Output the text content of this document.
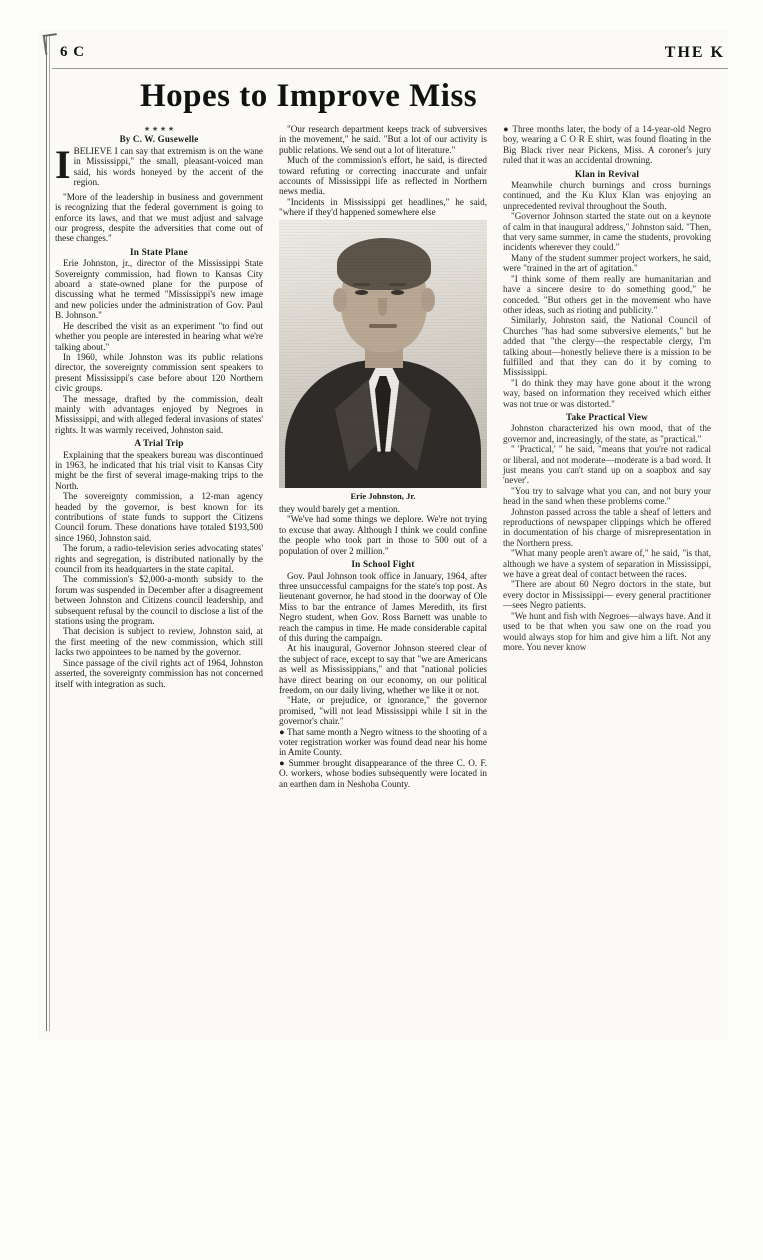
6 C	THE K
Hopes to Improve Miss
★ ★ ★ ★
By C. W. Gusewelle

IBELIEVE I can say that extremism is on the wane in Mississippi," the small, pleasant-voiced man said, his words honeyed by the accent of the region.

"More of the leadership in business and government is recognizing that the federal government is going to enforce its laws, and that we must adjust and salvage our progress, despite the adversities that come out of these changes."

In State Plane

Erie Johnston, jr., director of the Mississippi State Sovereignty commission, had flown to Kansas City aboard a state-owned plane for the purpose of discussing what he termed "Mississippi's new image and new policies under the administration of Gov. Paul B. Johnson."

He described the visit as an experiment "to find out whether you people are interested in hearing what we're talking about."

In 1960, while Johnston was its public relations director, the sovereignty commission sent speakers to present Mississippi's case before about 120 Northern civic groups.

The message, drafted by the commission, dealt mainly with advantages enjoyed by Negroes in Mississippi, and with alleged federal invasions of states' rights. It was warmly received, Johnston said.

A Trial Trip

Explaining that the speakers bureau was discontinued in 1963, he indicated that his trial visit to Kansas City might be the first of several image-making trips to the North.

The sovereignty commission, a 12-man agency headed by the governor, is best known for its contributions of state funds to support the Citizens Council forum. These donations have totaled $193,500 since 1960, Johnston said.

The forum, a radio-television series advocating states' rights and segregation, is distributed nationally by the council from its headquarters in the state capital.

The commission's $2,000-a-month subsidy to the forum was suspended in December after a disagreement between Johnston and Citizens council leadership, and subsequent refusal by the council to disclose a list of the stations using the program.

That decision is subject to review, Johnston said, at the first meeting of the new commission, which still lacks two appointees to be named by the governor.

Since passage of the civil rights act of 1964, Johnston asserted, the sovereignty commission has not concerned itself with integration as such.

"Our research department keeps track of subversives in the movement," he said. "But a lot of our activity is public relations. We send out a lot of literature."

Much of the commission's effort, he said, is directed toward refuting or correcting inaccurate and unfair accounts of Mississippi life as reflected in Northern news media.

"Incidents in Mississippi get headlines," he said, "where if they'd happened somewhere else

Erie Johnston, Jr.

they would barely get a mention.

"We've had some things we deplore. We're not trying to excuse that away. Although I think we could confine the people who took part in those to 500 out of a population of over 2 million."

In School Fight

Gov. Paul Johnson took office in January, 1964, after three unsuccessful campaigns for the state's top post. As lieutenant governor, he had stood in the doorway of Ole Miss to bar the entrance of James Meredith, its first Negro student, when Gov. Ross Barnett was unable to reach the campus in time. He made considerable capital of this during the campaign.

At his inaugural, Governor Johnson steered clear of the subject of race, except to say that "we are Americans as well as Mississippians," and that "national policies have direct bearing on our economy, on our political freedom, on our daily living, whether we like it or not.

"Hate, or prejudice, or ignorance," the governor promised, "will not lead Mississippi while I sit in the governor's chair."

● That same month a Negro witness to the shooting of a voter registration worker was found dead near his home in Amite County.

● Summer brought disappearance of the three C. O. F. O. workers, whose bodies subsequently were located in an earthen dam in Neshoba County.

● Three months later, the body of a 14-year-old Negro boy, wearing a C O R E shirt, was found floating in the Big Black river near Pickens, Miss. A coroner's jury ruled that it was an accidental drowning.

Klan in Revival

Meanwhile church burnings and cross burnings continued, and the Ku Klux Klan was enjoying an unprecedented revival throughout the South.

"Governor Johnson started the state out on a keynote of calm in that inaugural address," Johnston said. "Then, that very same summer, in came the students, provoking incidents wherever they could."

Many of the student summer project workers, he said, were "trained in the art of agitation."

"I think some of them really are humanitarian and have a sincere desire to do something good," he conceded. "But others get in the movement who have other ideas, such as rioting and publicity."

Similarly, Johnston said, the National Council of Churches "has had some subversive elements," but he added that "the clergy—the respectable clergy, I'm talking about—honestly believe there is a mission to be fulfilled and that they can do it by coming to Mississippi.

"I do think they may have gone about it the wrong way, based on information they received which either was not true or was distorted."

Take Practical View

Johnston characterized his own mood, that of the governor and, increasingly, of the state, as "practical."

" 'Practical,' " he said, "means that you're not radical or liberal, and not moderate—moderate is a bad word. It just means you can't stand up on a soapbox and say 'never'.

"You try to salvage what you can, and not bury your head in the sand when these problems come."

Johnston passed across the table a sheaf of letters and reproductions of newspaper clippings which he offered in documentation of his charge of misrepresentation in the Northern press.

"What many people aren't aware of," he said, "is that, although we have a system of separation in Mississippi, we have a great deal of contact between the races.

"There are about 60 Negro doctors in the state, but every doctor in Mississippi— every general practitioner—sees Negro patients.

"We hunt and fish with Negroes—always have. And it used to be that when you saw one on the road you would always stop for him and give him a lift. Not any more. You never know
